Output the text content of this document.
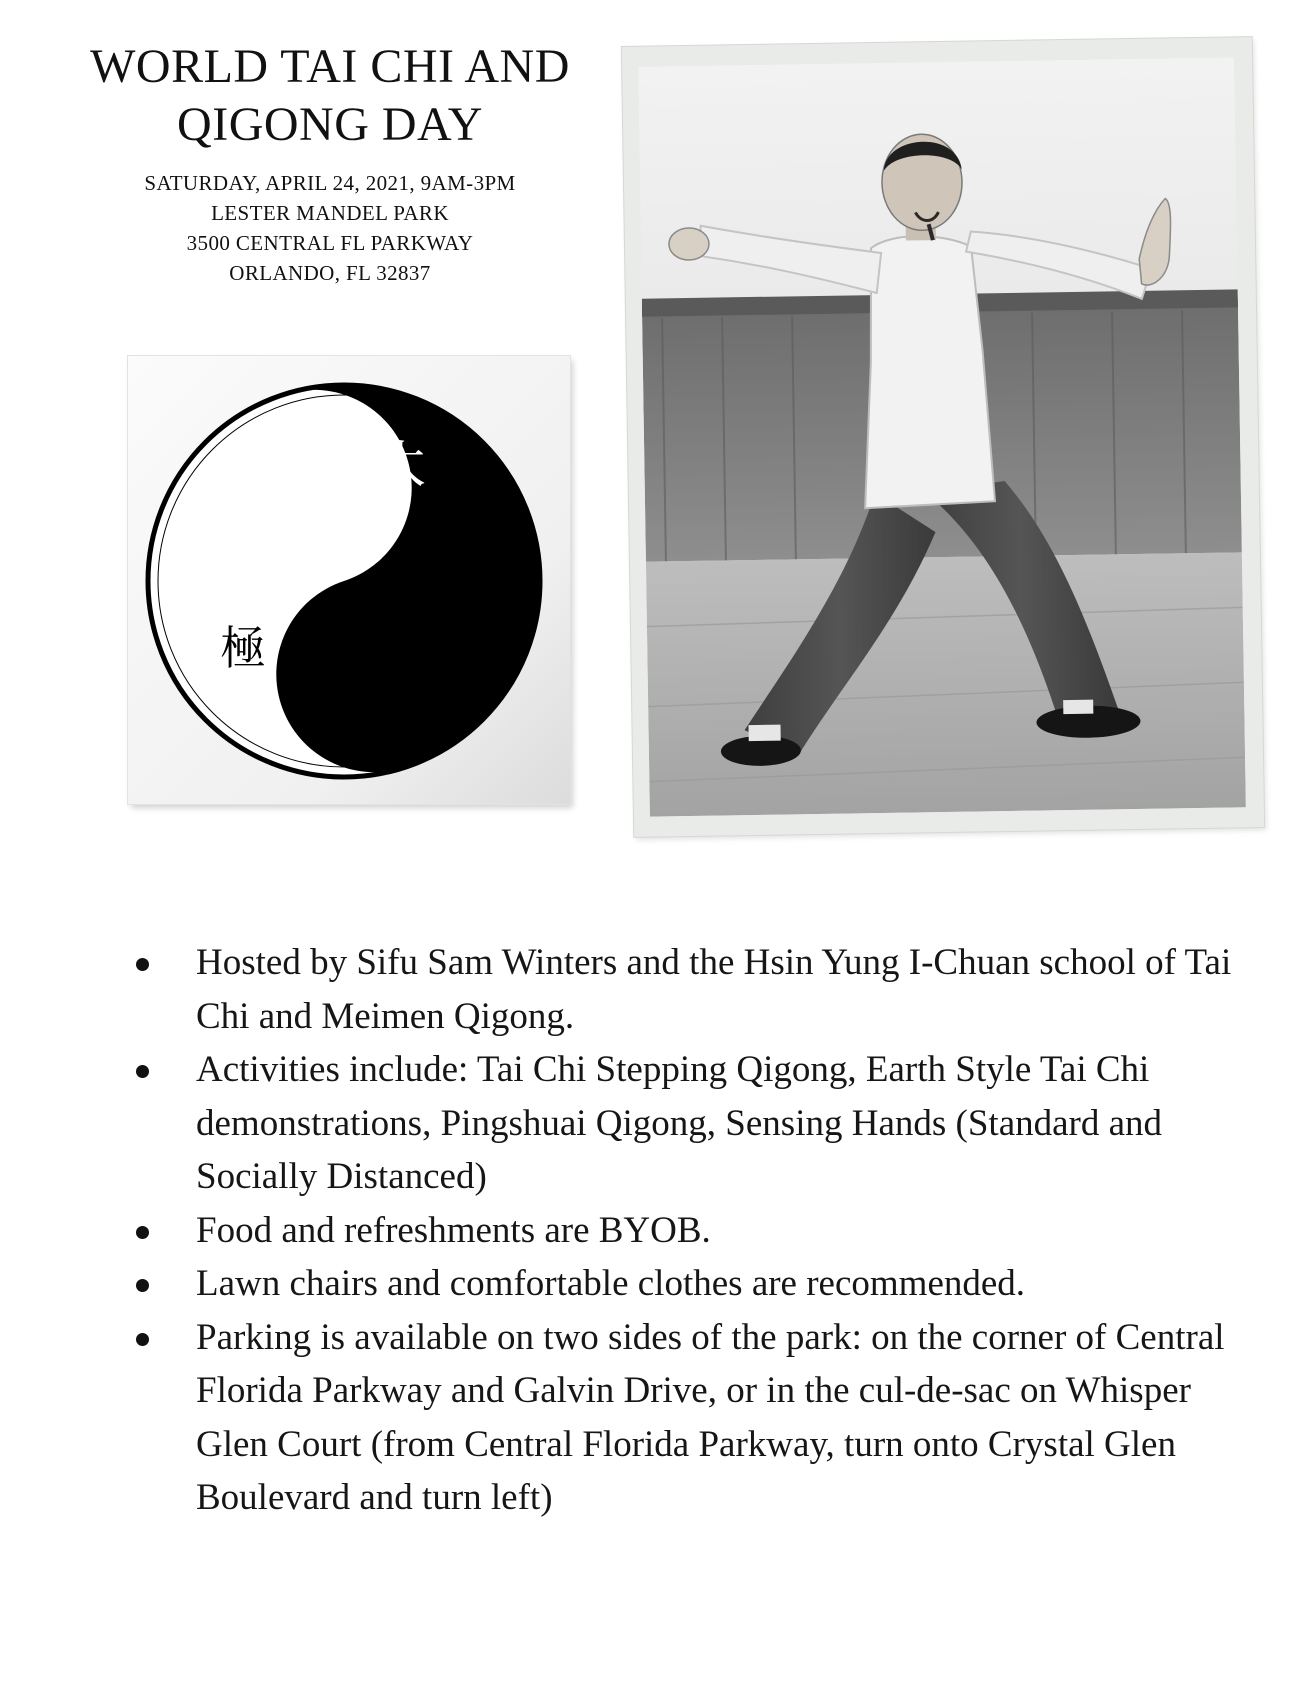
WORLD TAI CHI AND
QIGONG DAY
SATURDAY, APRIL 24, 2021, 9AM-3PM
LESTER MANDEL PARK
3500 CENTRAL FL PARKWAY
ORLANDO, FL 32837
太
極
Hosted by Sifu Sam Winters and the Hsin Yung I-Chuan school of Tai Chi and Meimen Qigong.
Activities include: Tai Chi Stepping Qigong, Earth Style Tai Chi demonstrations, Pingshuai Qigong, Sensing Hands (Standard and Socially Distanced)
Food and refreshments are BYOB.
Lawn chairs and comfortable clothes are recommended.
Parking is available on two sides of the park: on the corner of Central Florida Parkway and Galvin Drive, or in the cul-de-sac on Whisper Glen Court (from Central Florida Parkway, turn onto Crystal Glen Boulevard and turn left)
